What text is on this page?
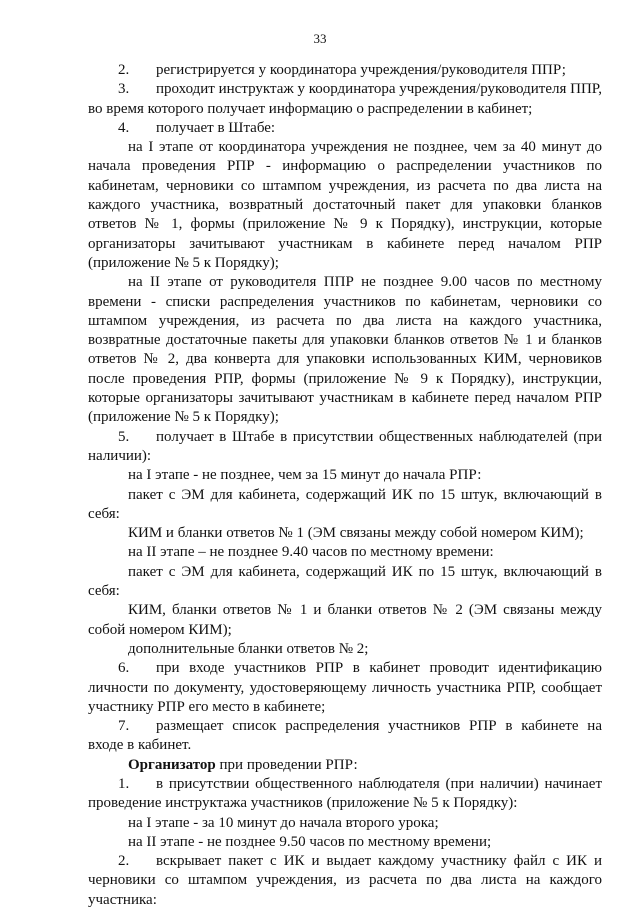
33

2. регистрируется у координатора учреждения/руководителя ППР;

3. проходит инструктаж у координатора учреждения/руководителя ППР, во время которого получает информацию о распределении в кабинет;

4. получает в Штабе:

на I этапе от координатора учреждения не позднее, чем за 40 минут до начала проведения РПР - информацию о распределении участников по кабинетам, черновики со штампом учреждения, из расчета по два листа на каждого участника, возвратный достаточный пакет для упаковки бланков ответов № 1, формы (приложение № 9 к Порядку), инструкции, которые организаторы зачитывают участникам в кабинете перед началом РПР (приложение № 5 к Порядку);

на II этапе от руководителя ППР не позднее 9.00 часов по местному времени - списки распределения участников по кабинетам, черновики со штампом учреждения, из расчета по два листа на каждого участника, возвратные достаточные пакеты для упаковки бланков ответов № 1 и бланков ответов № 2, два конверта для упаковки использованных КИМ, черновиков после проведения РПР, формы (приложение № 9 к Порядку), инструкции, которые организаторы зачитывают участникам в кабинете перед началом РПР (приложение № 5 к Порядку);

5. получает в Штабе в присутствии общественных наблюдателей (при наличии):

на I этапе - не позднее, чем за 15 минут до начала РПР:

пакет с ЭМ для кабинета, содержащий ИК по 15 штук, включающий в себя:

КИМ и бланки ответов № 1 (ЭМ связаны между собой номером КИМ);

на II этапе – не позднее 9.40 часов по местному времени:

пакет с ЭМ для кабинета, содержащий ИК по 15 штук, включающий в себя:

КИМ, бланки ответов № 1 и бланки ответов № 2 (ЭМ связаны между собой номером КИМ);

дополнительные бланки ответов № 2;

6. при входе участников РПР в кабинет проводит идентификацию личности по документу, удостоверяющему личность участника РПР, сообщает участнику РПР его место в кабинете;

7. размещает список распределения участников РПР в кабинете на входе в кабинет.

Организатор при проведении РПР:

1. в присутствии общественного наблюдателя (при наличии) начинает проведение инструктажа участников (приложение № 5 к Порядку):

на I этапе - за 10 минут до начала второго урока;

на II этапе - не позднее 9.50 часов по местному времени;

2. вскрывает пакет с ИК и выдает каждому участнику файл с ИК и черновики со штампом учреждения, из расчета по два листа на каждого участника:
